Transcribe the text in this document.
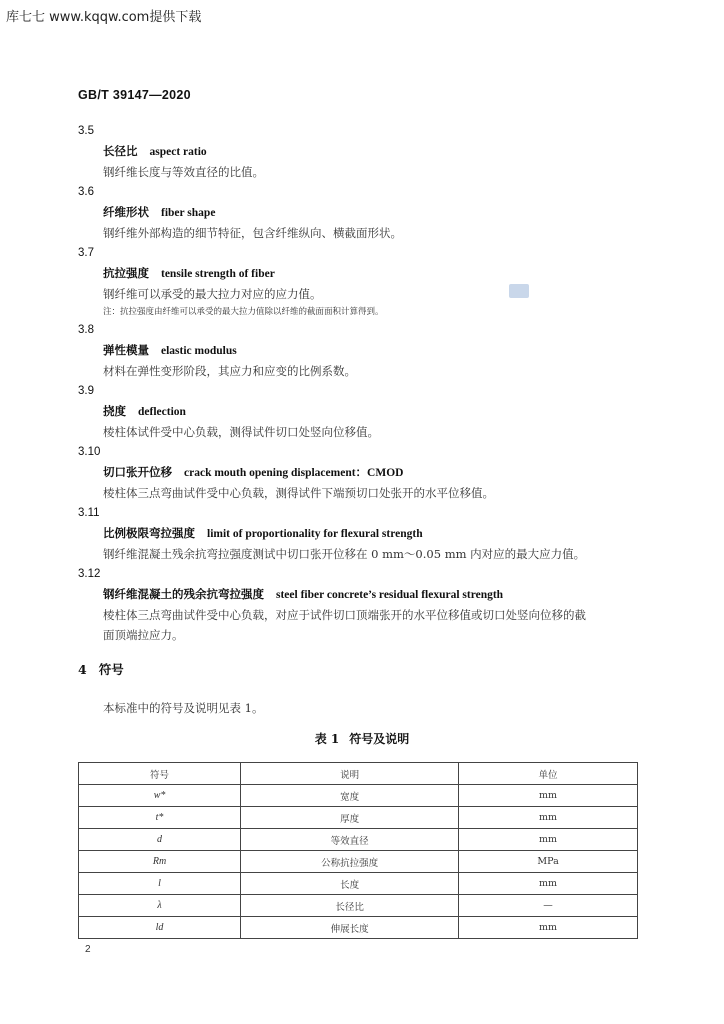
库七七 www.kqqw.com提供下载
GB/T 39147—2020
3.5
长径比 aspect ratio
钢纤维长度与等效直径的比值。
3.6
纤维形状 fiber shape
钢纤维外部构造的细节特征，包含纤维纵向、横截面形状。
3.7
抗拉强度 tensile strength of fiber
钢纤维可以承受的最大拉力对应的应力值。
注：抗拉强度由纤维可以承受的最大拉力值除以纤维的截面面积计算得到。
3.8
弹性模量 elastic modulus
材料在弹性变形阶段，其应力和应变的比例系数。
3.9
挠度 deflection
棱柱体试件受中心负载，测得试件切口处竖向位移值。
3.10
切口张开位移 crack mouth opening displacement：CMOD
棱柱体三点弯曲试件受中心负载，测得试件下端预切口处张开的水平位移值。
3.11
比例极限弯拉强度 limit of proportionality for flexural strength
钢纤维混凝土残余抗弯拉强度测试中切口张开位移在 0 mm～0.05 mm 内对应的最大应力值。
3.12
钢纤维混凝土的残余抗弯拉强度 steel fiber concrete’s residual flexural strength
棱柱体三点弯曲试件受中心负载，对应于试件切口顶端张开的水平位移值或切口处竖向位移的截
面顶端拉应力。
4 符号
本标准中的符号及说明见表 1。
表 1 符号及说明
符号	说明	单位
w*	宽度	mm
t*	厚度	mm
d	等效直径	mm
Rm	公称抗拉强度	MPa
l	长度	mm
λ	长径比	—
ld	伸展长度	mm
2
